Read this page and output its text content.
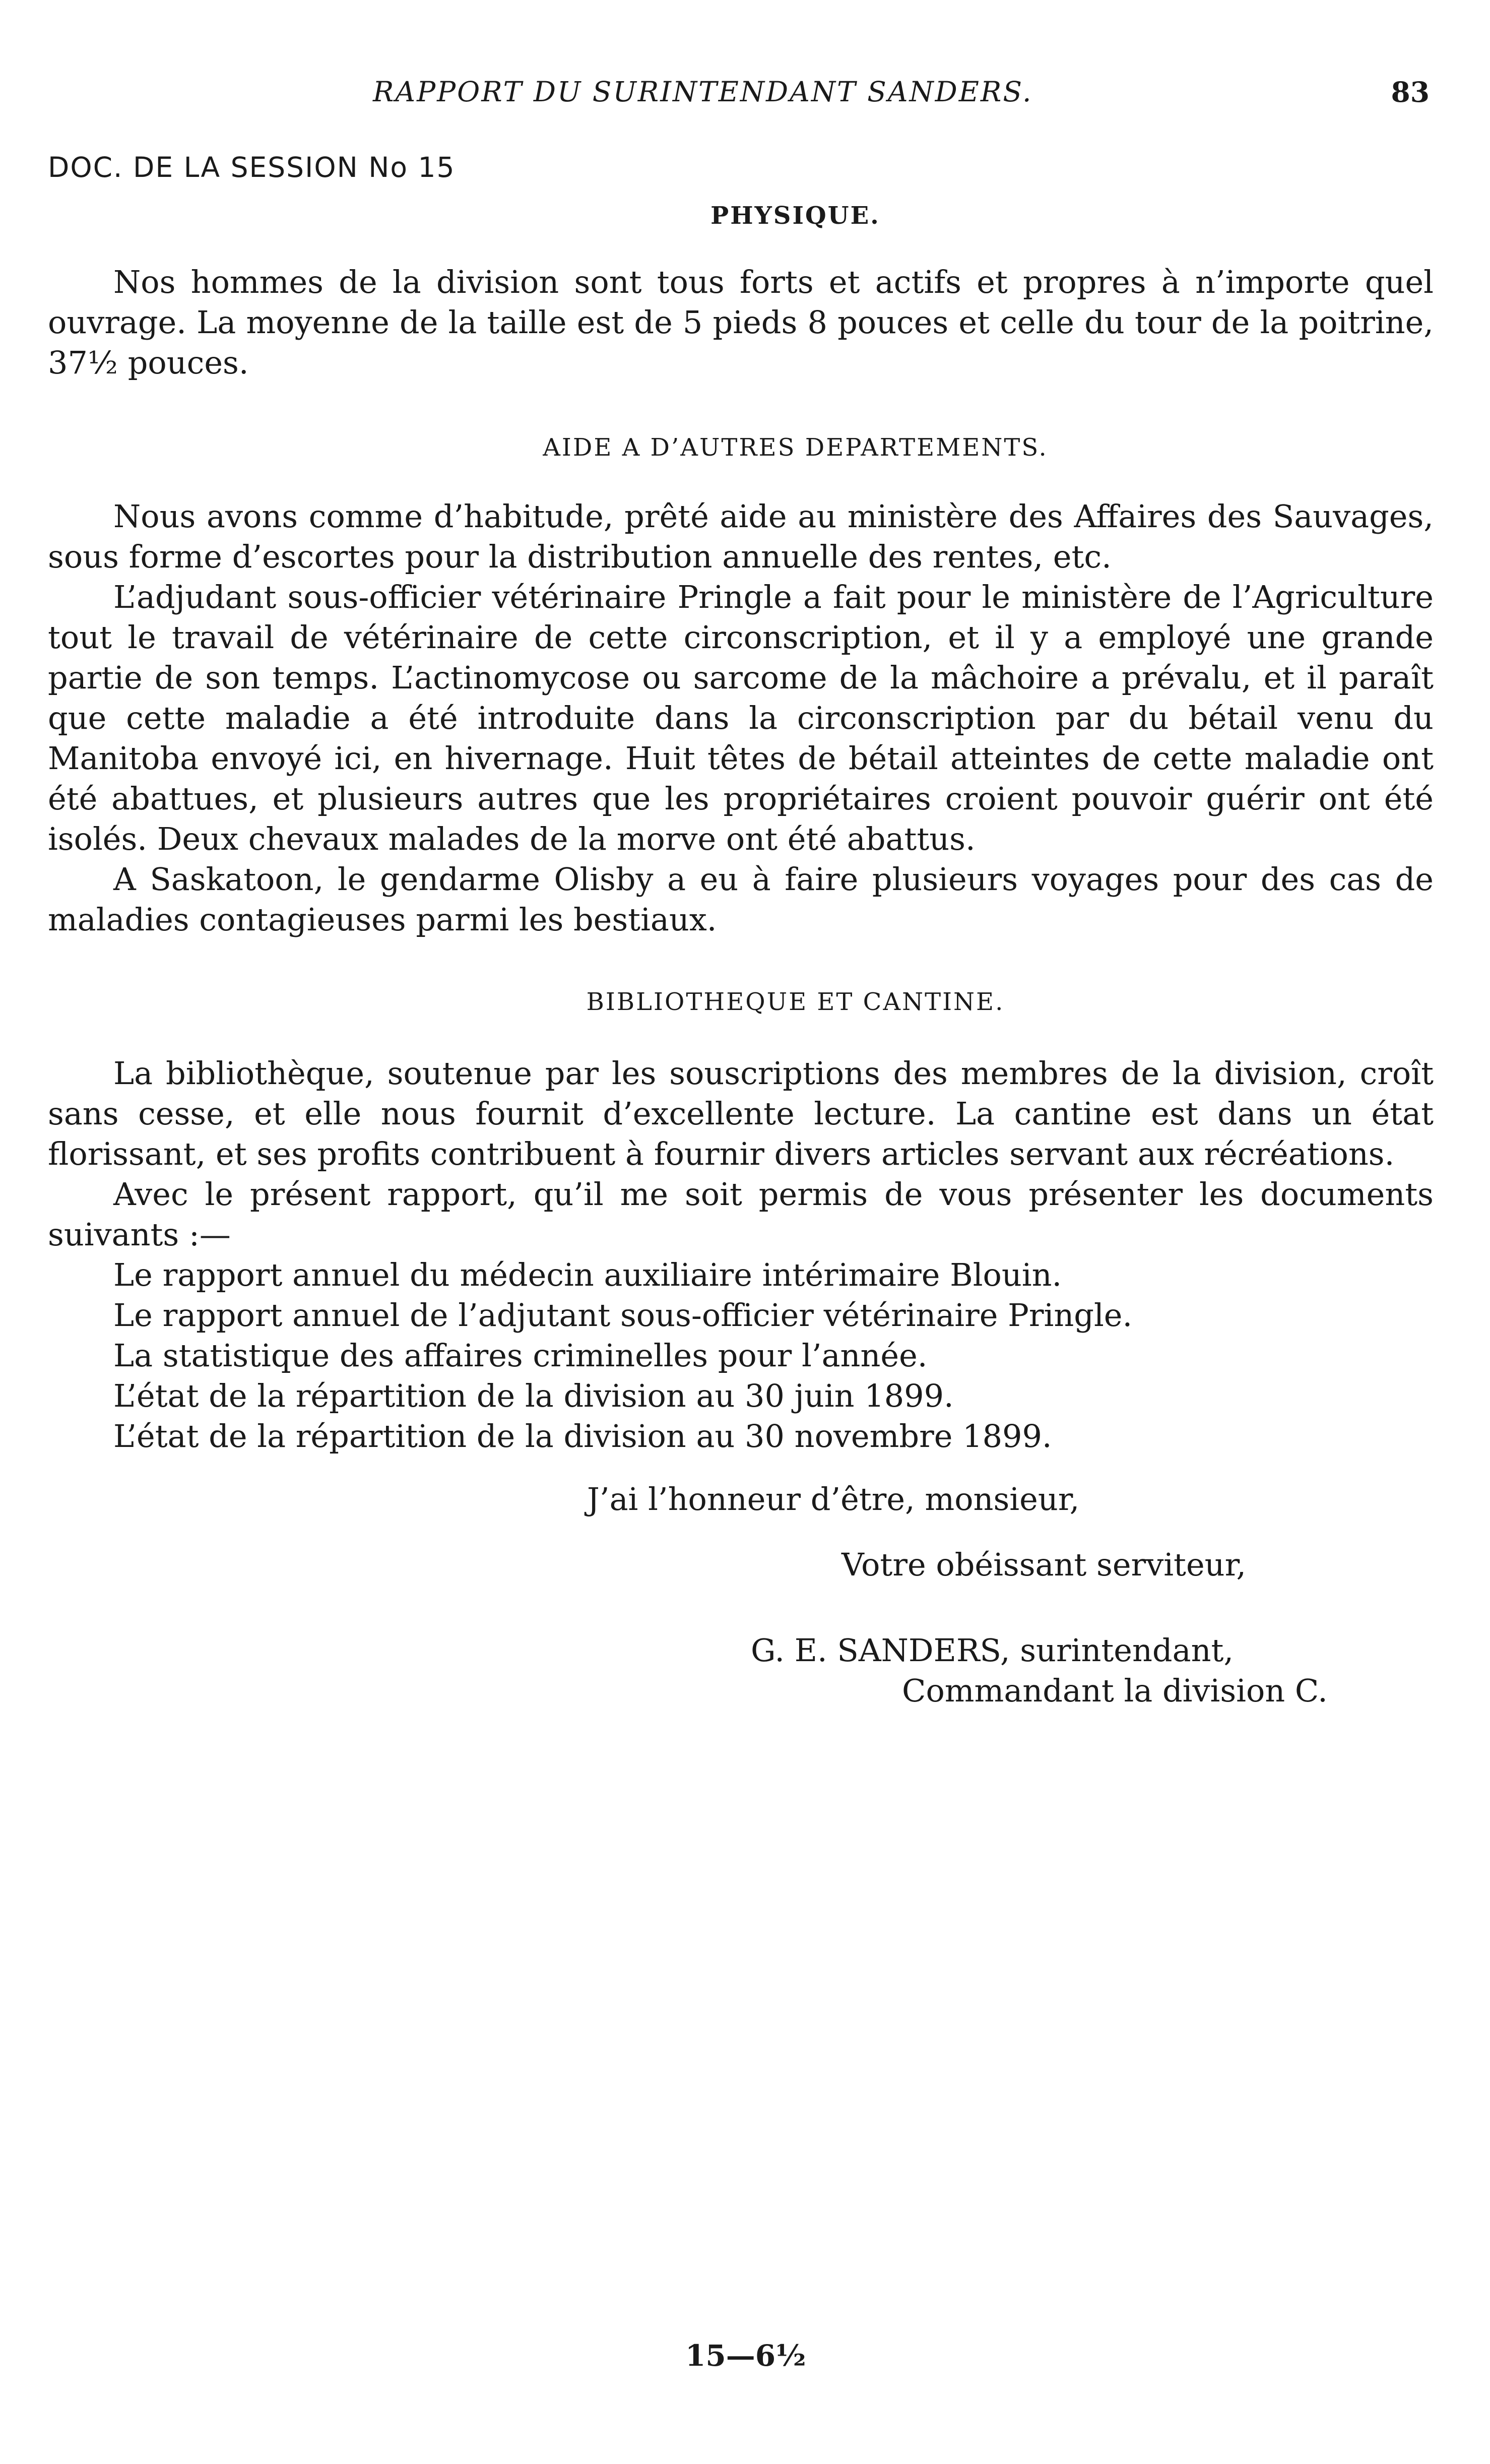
RAPPORT DU SURINTENDANT SANDERS.	83
DOC. DE LA SESSION No 15
PHYSIQUE.

Nos hommes de la division sont tous forts et actifs et propres à n’importe quel ouvrage. La moyenne de la taille est de 5 pieds 8 pouces et celle du tour de la poitrine, 37½ pouces.

AIDE A D’AUTRES DEPARTEMENTS.

Nous avons comme d’habitude, prêté aide au ministère des Affaires des Sauvages, sous forme d’escortes pour la distribution annuelle des rentes, etc.

L’adjudant sous-officier vétérinaire Pringle a fait pour le ministère de l’Agriculture tout le travail de vétérinaire de cette circonscription, et il y a employé une grande partie de son temps. L’actinomycose ou sarcome de la mâchoire a prévalu, et il paraît que cette maladie a été introduite dans la circonscription par du bétail venu du Manitoba envoyé ici, en hivernage. Huit têtes de bétail atteintes de cette maladie ont été abattues, et plusieurs autres que les propriétaires croient pouvoir guérir ont été isolés. Deux chevaux malades de la morve ont été abattus.

A Saskatoon, le gendarme Olisby a eu à faire plusieurs voyages pour des cas de maladies contagieuses parmi les bestiaux.

BIBLIOTHEQUE ET CANTINE.

La bibliothèque, soutenue par les souscriptions des membres de la division, croît sans cesse, et elle nous fournit d’excellente lecture. La cantine est dans un état florissant, et ses profits contribuent à fournir divers articles servant aux récréations.

Avec le présent rapport, qu’il me soit permis de vous présenter les documents suivants :—

Le rapport annuel du médecin auxiliaire intérimaire Blouin.
Le rapport annuel de l’adjutant sous-officier vétérinaire Pringle.
La statistique des affaires criminelles pour l’année.
L’état de la répartition de la division au 30 juin 1899.
L’état de la répartition de la division au 30 novembre 1899.
J’ai l’honneur d’être, monsieur,
Votre obéissant serviteur,
G. E. SANDERS, surintendant,
Commandant la division C.
15—6½
